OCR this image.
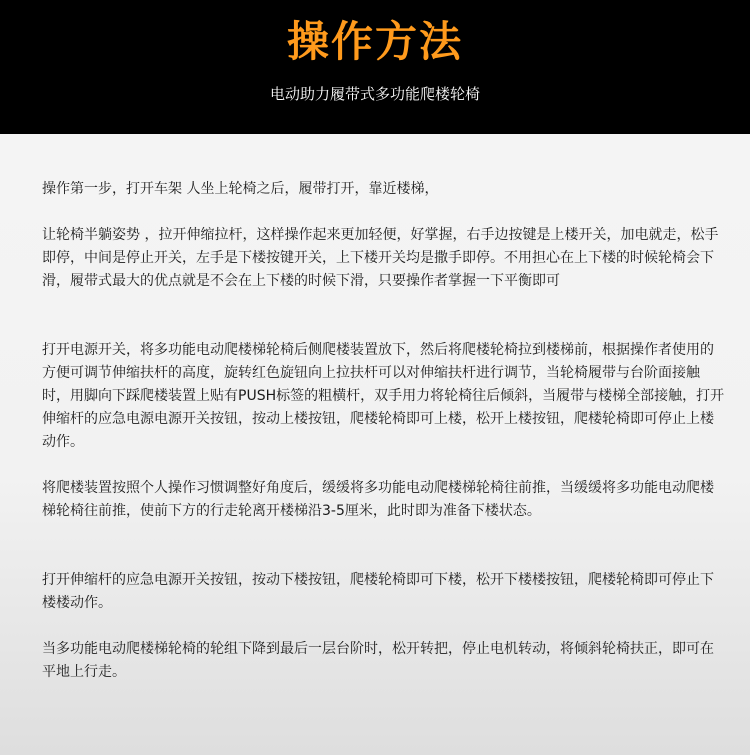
操作方法
电动助力履带式多功能爬楼轮椅

操作第一步，打开车架 人坐上轮椅之后，履带打开，靠近楼梯，

让轮椅半躺姿势 ，拉开伸缩拉杆，这样操作起来更加轻便，好掌握，右手边按键是上楼开关，加电就走，松手即停，中间是停止开关，左手是下楼按键开关，上下楼开关均是撒手即停。不用担心在上下楼的时候轮椅会下滑，履带式最大的优点就是不会在上下楼的时候下滑，只要操作者掌握一下平衡即可

打开电源开关，将多功能电动爬楼梯轮椅后侧爬楼装置放下，然后将爬楼轮椅拉到楼梯前，根据操作者使用的方便可调节伸缩扶杆的高度，旋转红色旋钮向上拉扶杆可以对伸缩扶杆进行调节，当轮椅履带与台阶面接触时，用脚向下踩爬楼装置上贴有PUSH标签的粗横杆，双手用力将轮椅往后倾斜，当履带与楼梯全部接触，打开伸缩杆的应急电源电源开关按钮，按动上楼按钮，爬楼轮椅即可上楼，松开上楼按钮，爬楼轮椅即可停止上楼动作。

将爬楼装置按照个人操作习惯调整好角度后，缓缓将多功能电动爬楼梯轮椅往前推，当缓缓将多功能电动爬楼梯轮椅往前推，使前下方的行走轮离开楼梯沿3-5厘米，此时即为准备下楼状态。

打开伸缩杆的应急电源开关按钮，按动下楼按钮，爬楼轮椅即可下楼，松开下楼楼按钮，爬楼轮椅即可停止下楼楼动作。

当多功能电动爬楼梯轮椅的轮组下降到最后一层台阶时，松开转把，停止电机转动，将倾斜轮椅扶正，即可在平地上行走。
